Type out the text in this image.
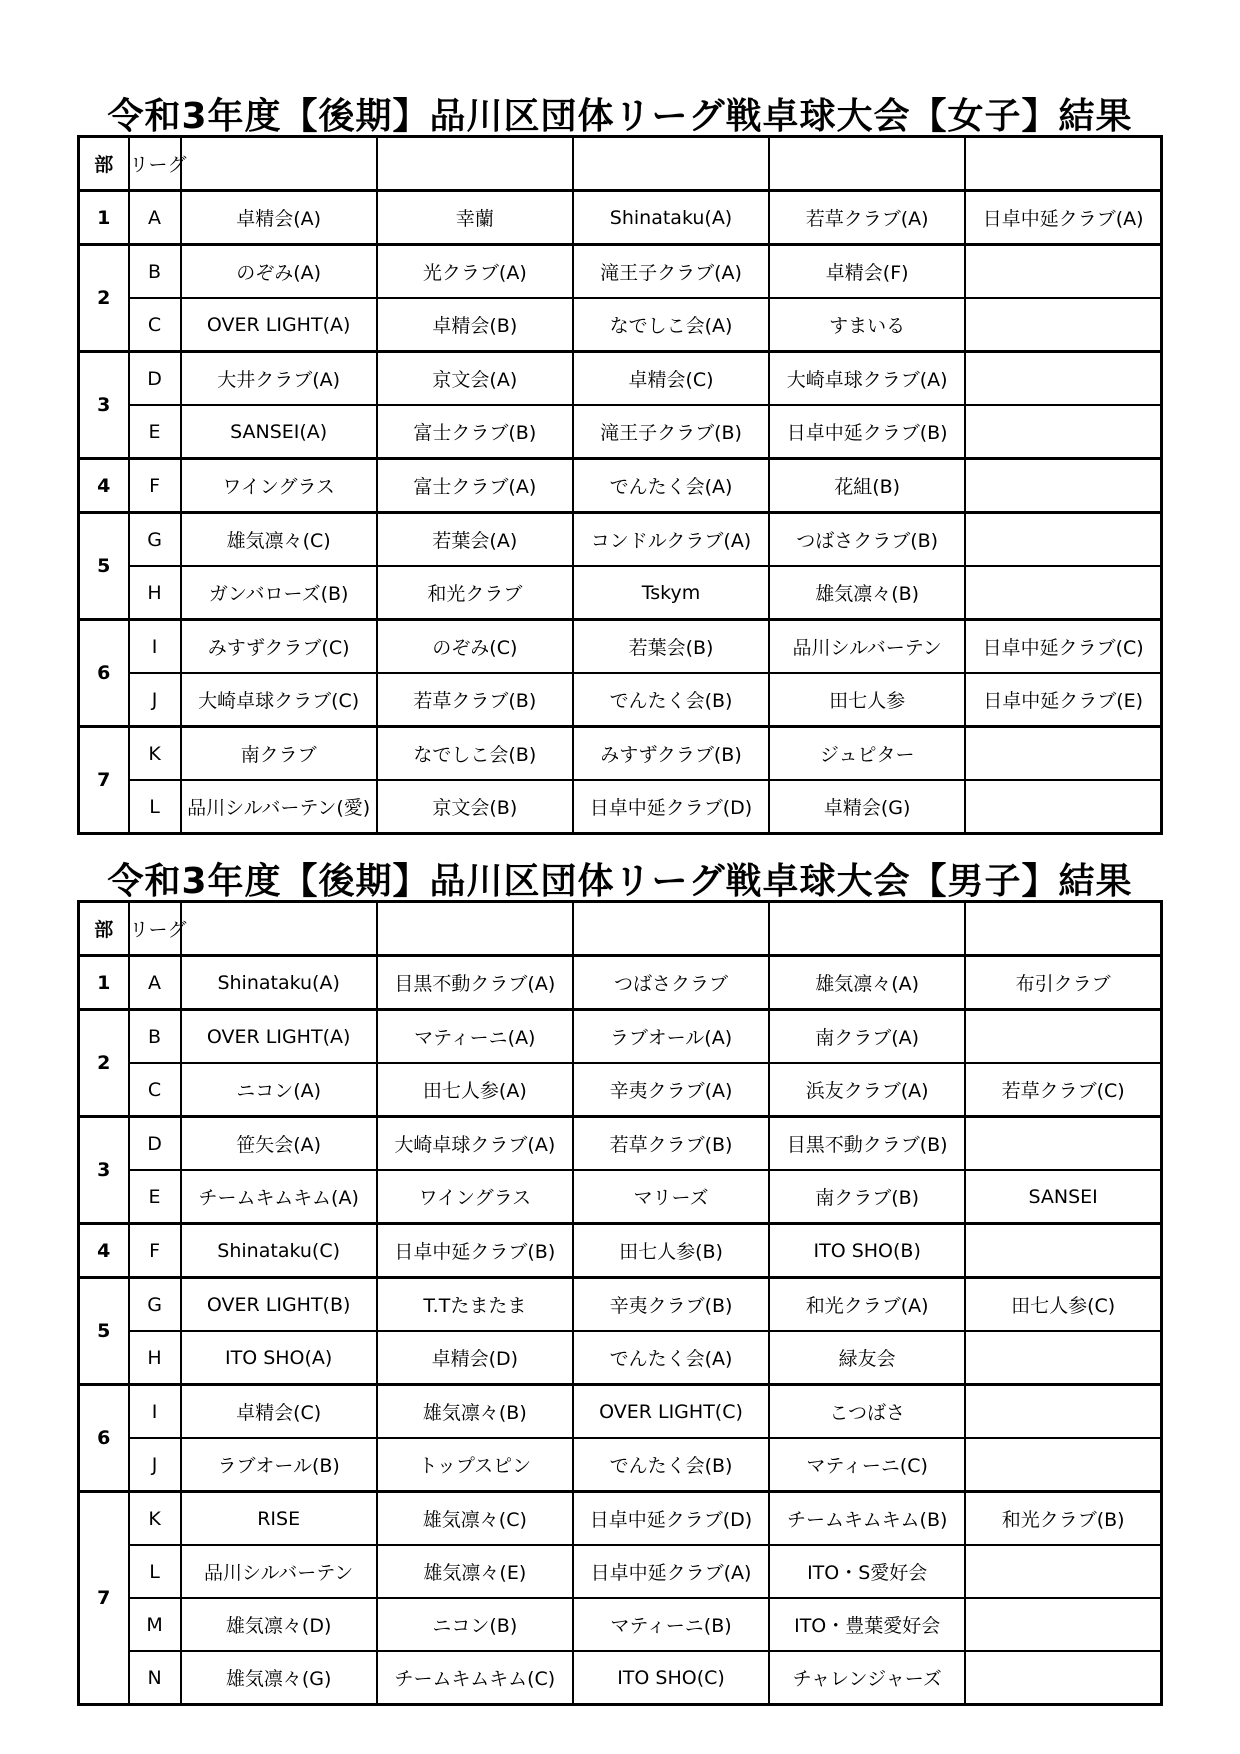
令和3年度【後期】品川区団体リーグ戦卓球大会【女子】結果
部	リーグ					
1	A	卓精会(A)	幸蘭	Shinataku(A)	若草クラブ(A)	日卓中延クラブ(A)
2	B	のぞみ(A)	光クラブ(A)	滝王子クラブ(A)	卓精会(F)	
	C	OVER LIGHT(A)	卓精会(B)	なでしこ会(A)	すまいる	
3	D	大井クラブ(A)	京文会(A)	卓精会(C)	大崎卓球クラブ(A)	
	E	SANSEI(A)	富士クラブ(B)	滝王子クラブ(B)	日卓中延クラブ(B)	
4	F	ワイングラス	富士クラブ(A)	でんたく会(A)	花組(B)	
5	G	雄気凛々(C)	若葉会(A)	コンドルクラブ(A)	つばさクラブ(B)	
	H	ガンバローズ(B)	和光クラブ	Tskym	雄気凛々(B)	
6	I	みすずクラブ(C)	のぞみ(C)	若葉会(B)	品川シルバーテン	日卓中延クラブ(C)
	J	大崎卓球クラブ(C)	若草クラブ(B)	でんたく会(B)	田七人参	日卓中延クラブ(E)
7	K	南クラブ	なでしこ会(B)	みすずクラブ(B)	ジュピター	
	L	品川シルバーテン(愛)	京文会(B)	日卓中延クラブ(D)	卓精会(G)	
令和3年度【後期】品川区団体リーグ戦卓球大会【男子】結果
部	リーグ					
1	A	Shinataku(A)	目黒不動クラブ(A)	つばさクラブ	雄気凛々(A)	布引クラブ
2	B	OVER LIGHT(A)	マティーニ(A)	ラブオール(A)	南クラブ(A)	
	C	ニコン(A)	田七人参(A)	辛夷クラブ(A)	浜友クラブ(A)	若草クラブ(C)
3	D	笹矢会(A)	大崎卓球クラブ(A)	若草クラブ(B)	目黒不動クラブ(B)	
	E	チームキムキム(A)	ワイングラス	マリーズ	南クラブ(B)	SANSEI
4	F	Shinataku(C)	日卓中延クラブ(B)	田七人参(B)	ITO SHO(B)	
5	G	OVER LIGHT(B)	T.Tたまたま	辛夷クラブ(B)	和光クラブ(A)	田七人参(C)
	H	ITO SHO(A)	卓精会(D)	でんたく会(A)	緑友会	
6	I	卓精会(C)	雄気凛々(B)	OVER LIGHT(C)	こつばさ	
	J	ラブオール(B)	トップスピン	でんたく会(B)	マティーニ(C)	
7	K	RISE	雄気凛々(C)	日卓中延クラブ(D)	チームキムキム(B)	和光クラブ(B)
	L	品川シルバーテン	雄気凛々(E)	日卓中延クラブ(A)	ITO・S愛好会	
	M	雄気凛々(D)	ニコン(B)	マティーニ(B)	ITO・豊葉愛好会	
	N	雄気凛々(G)	チームキムキム(C)	ITO SHO(C)	チャレンジャーズ	
